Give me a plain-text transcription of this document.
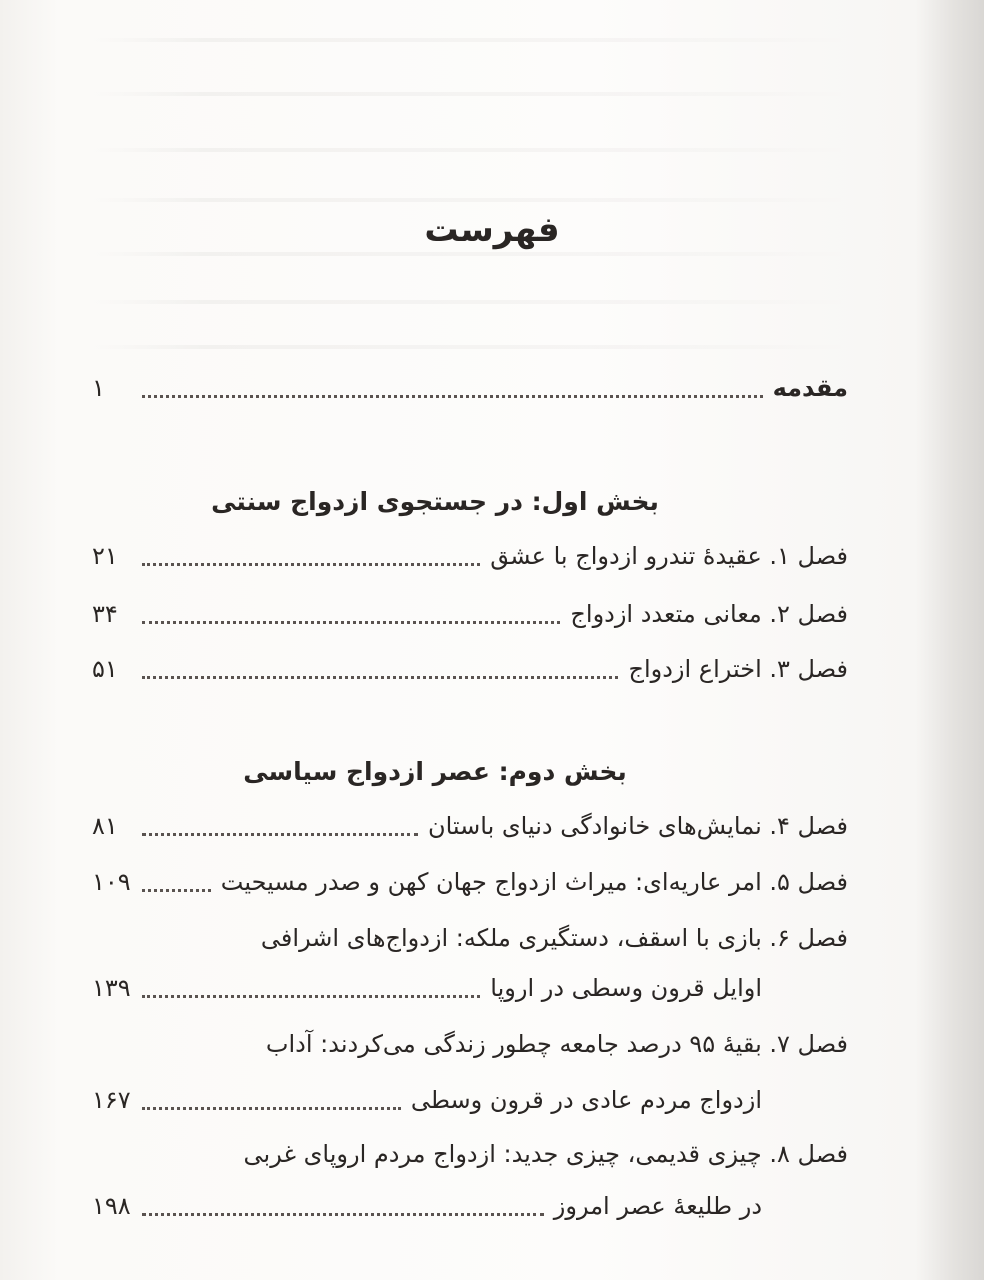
فهرست
مقدمه
۱
بخش اول: در جستجوی ازدواج سنتی
فصل ۱. عقیدهٔ تندرو ازدواج با عشق
۲۱
فصل ۲. معانی متعدد ازدواج
۳۴
فصل ۳. اختراع ازدواج
۵۱
بخش دوم: عصر ازدواج سیاسی
فصل ۴. نمایش‌های خانوادگی دنیای باستان
۸۱
فصل ۵. امر عاریه‌ای: میراث ازدواج جهان کهن و صدر مسیحیت
۱۰۹
فصل ۶. بازی با اسقف، دستگیری ملکه: ازدواج‌های اشرافی
اوایل قرون وسطی در اروپا
۱۳۹
فصل ۷. بقیهٔ ۹۵ درصد جامعه چطور زندگی می‌کردند: آداب
ازدواج مردم عادی در قرون وسطی
۱۶۷
فصل ۸. چیزی قدیمی، چیزی جدید: ازدواج مردم اروپای غربی
در طلیعهٔ عصر امروز
۱۹۸
